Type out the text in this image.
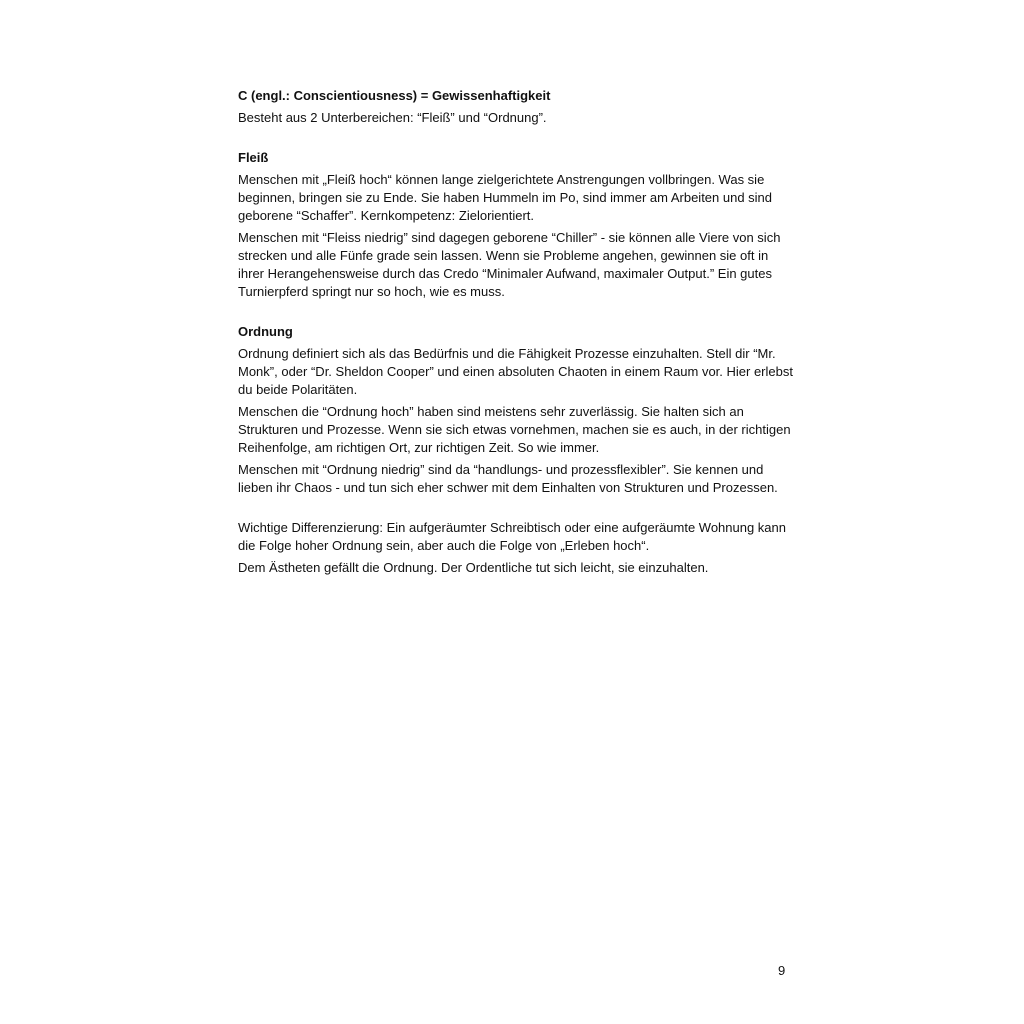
C (engl.: Conscientiousness) = Gewissenhaftigkeit

Besteht aus 2 Unterbereichen: “Fleiß” und “Ordnung”.

Fleiß

Menschen mit „Fleiß hoch“ können lange zielgerichtete Anstrengungen vollbringen. Was sie beginnen, bringen sie zu Ende. Sie haben Hummeln im Po, sind immer am Arbeiten und sind geborene “Schaffer”. Kernkompetenz: Zielorientiert.

Menschen mit “Fleiss niedrig” sind dagegen geborene “Chiller” - sie können alle Viere von sich strecken und alle Fünfe grade sein lassen. Wenn sie Probleme angehen, gewinnen sie oft in ihrer Herangehensweise durch das Credo “Minimaler Aufwand, maximaler Output.” Ein gutes Turnierpferd springt nur so hoch, wie es muss.

Ordnung

Ordnung definiert sich als das Bedürfnis und die Fähigkeit Prozesse einzuhalten. Stell dir “Mr. Monk”, oder “Dr. Sheldon Cooper” und einen absoluten Chaoten in einem Raum vor. Hier erlebst du beide Polaritäten.

Menschen die “Ordnung hoch” haben sind meistens sehr zuverlässig. Sie halten sich an Strukturen und Prozesse. Wenn sie sich etwas vornehmen, machen sie es auch, in der richtigen Reihenfolge, am richtigen Ort, zur richtigen Zeit. So wie immer.

Menschen mit “Ordnung niedrig” sind da “handlungs- und prozessflexibler”. Sie kennen und lieben ihr Chaos - und tun sich eher schwer mit dem Einhalten von Strukturen und Prozessen.

Wichtige Differenzierung: Ein aufgeräumter Schreibtisch oder eine aufgeräumte Wohnung kann die Folge hoher Ordnung sein, aber auch die Folge von „Erleben hoch“.

Dem Ästheten gefällt die Ordnung. Der Ordentliche tut sich leicht, sie einzuhalten.

9
